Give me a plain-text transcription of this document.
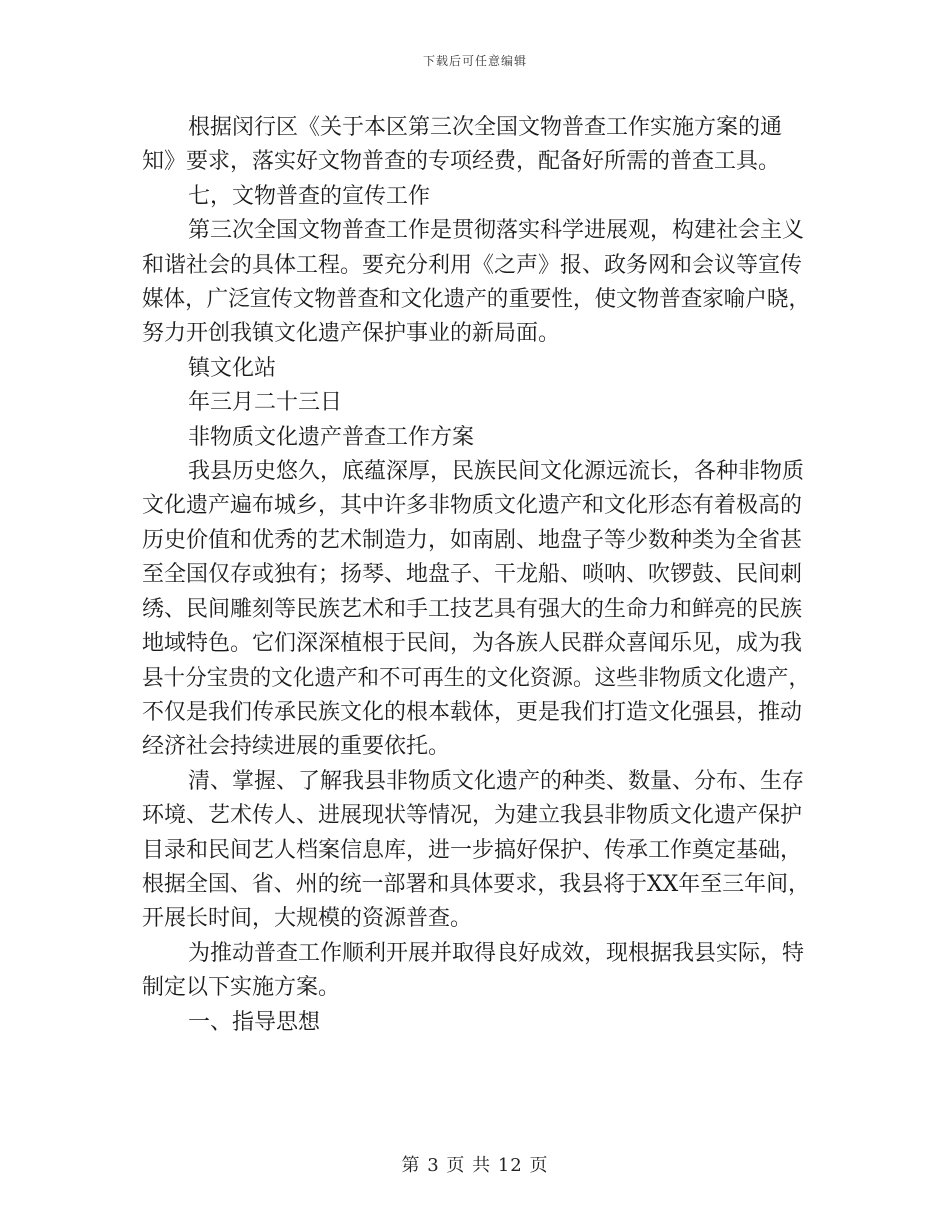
下载后可任意编辑
根据闵行区《关于本区第三次全国文物普查工作实施方案的通
知》要求，落实好文物普查的专项经费，配备好所需的普查工具。
七，文物普查的宣传工作
第三次全国文物普查工作是贯彻落实科学进展观，构建社会主义
和谐社会的具体工程。要充分利用《之声》报、政务网和会议等宣传
媒体，广泛宣传文物普查和文化遗产的重要性，使文物普查家喻户晓，
努力开创我镇文化遗产保护事业的新局面。
镇文化站
年三月二十三日
非物质文化遗产普查工作方案
我县历史悠久，底蕴深厚，民族民间文化源远流长，各种非物质
文化遗产遍布城乡，其中许多非物质文化遗产和文化形态有着极高的
历史价值和优秀的艺术制造力，如南剧、地盘子等少数种类为全省甚
至全国仅存或独有；扬琴、地盘子、干龙船、唢呐、吹锣鼓、民间刺
绣、民间雕刻等民族艺术和手工技艺具有强大的生命力和鲜亮的民族
地域特色。它们深深植根于民间，为各族人民群众喜闻乐见，成为我
县十分宝贵的文化遗产和不可再生的文化资源。这些非物质文化遗产，
不仅是我们传承民族文化的根本载体，更是我们打造文化强县，推动
经济社会持续进展的重要依托。
清、掌握、了解我县非物质文化遗产的种类、数量、分布、生存
环境、艺术传人、进展现状等情况，为建立我县非物质文化遗产保护
目录和民间艺人档案信息库，进一步搞好保护、传承工作奠定基础，
根据全国、省、州的统一部署和具体要求，我县将于XX年至三年间，
开展长时间，大规模的资源普查。
为推动普查工作顺利开展并取得良好成效，现根据我县实际，特
制定以下实施方案。
一、指导思想
第 3 页 共 12 页
